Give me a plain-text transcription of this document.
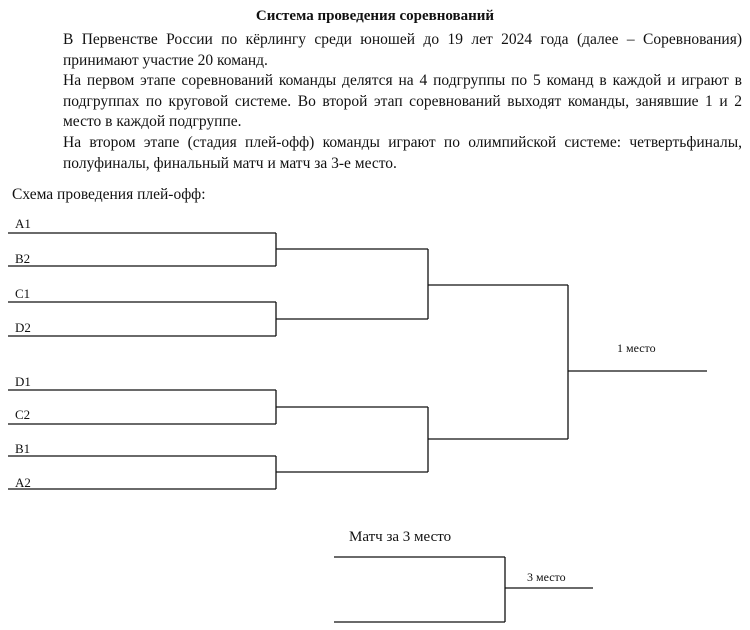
Система проведения соревнований
В Первенстве России по кёрлингу среди юношей до 19 лет 2024 года (далее – Соревнования) принимают участие 20 команд.
На первом этапе соревнований команды делятся на 4 подгруппы по 5 команд в каждой и играют в подгруппах по круговой системе. Во второй этап соревнований выходят команды, занявшие 1 и 2 место в каждой подгруппе.
На втором этапе (стадия плей-офф) команды играют по олимпийской системе: четвертьфиналы, полуфиналы, финальный матч и матч за 3-е место.
Схема проведения плей-офф:
A1
B2
C1
D2
D1
C2
B1
A2
1 место
Матч за 3 место
3 место
